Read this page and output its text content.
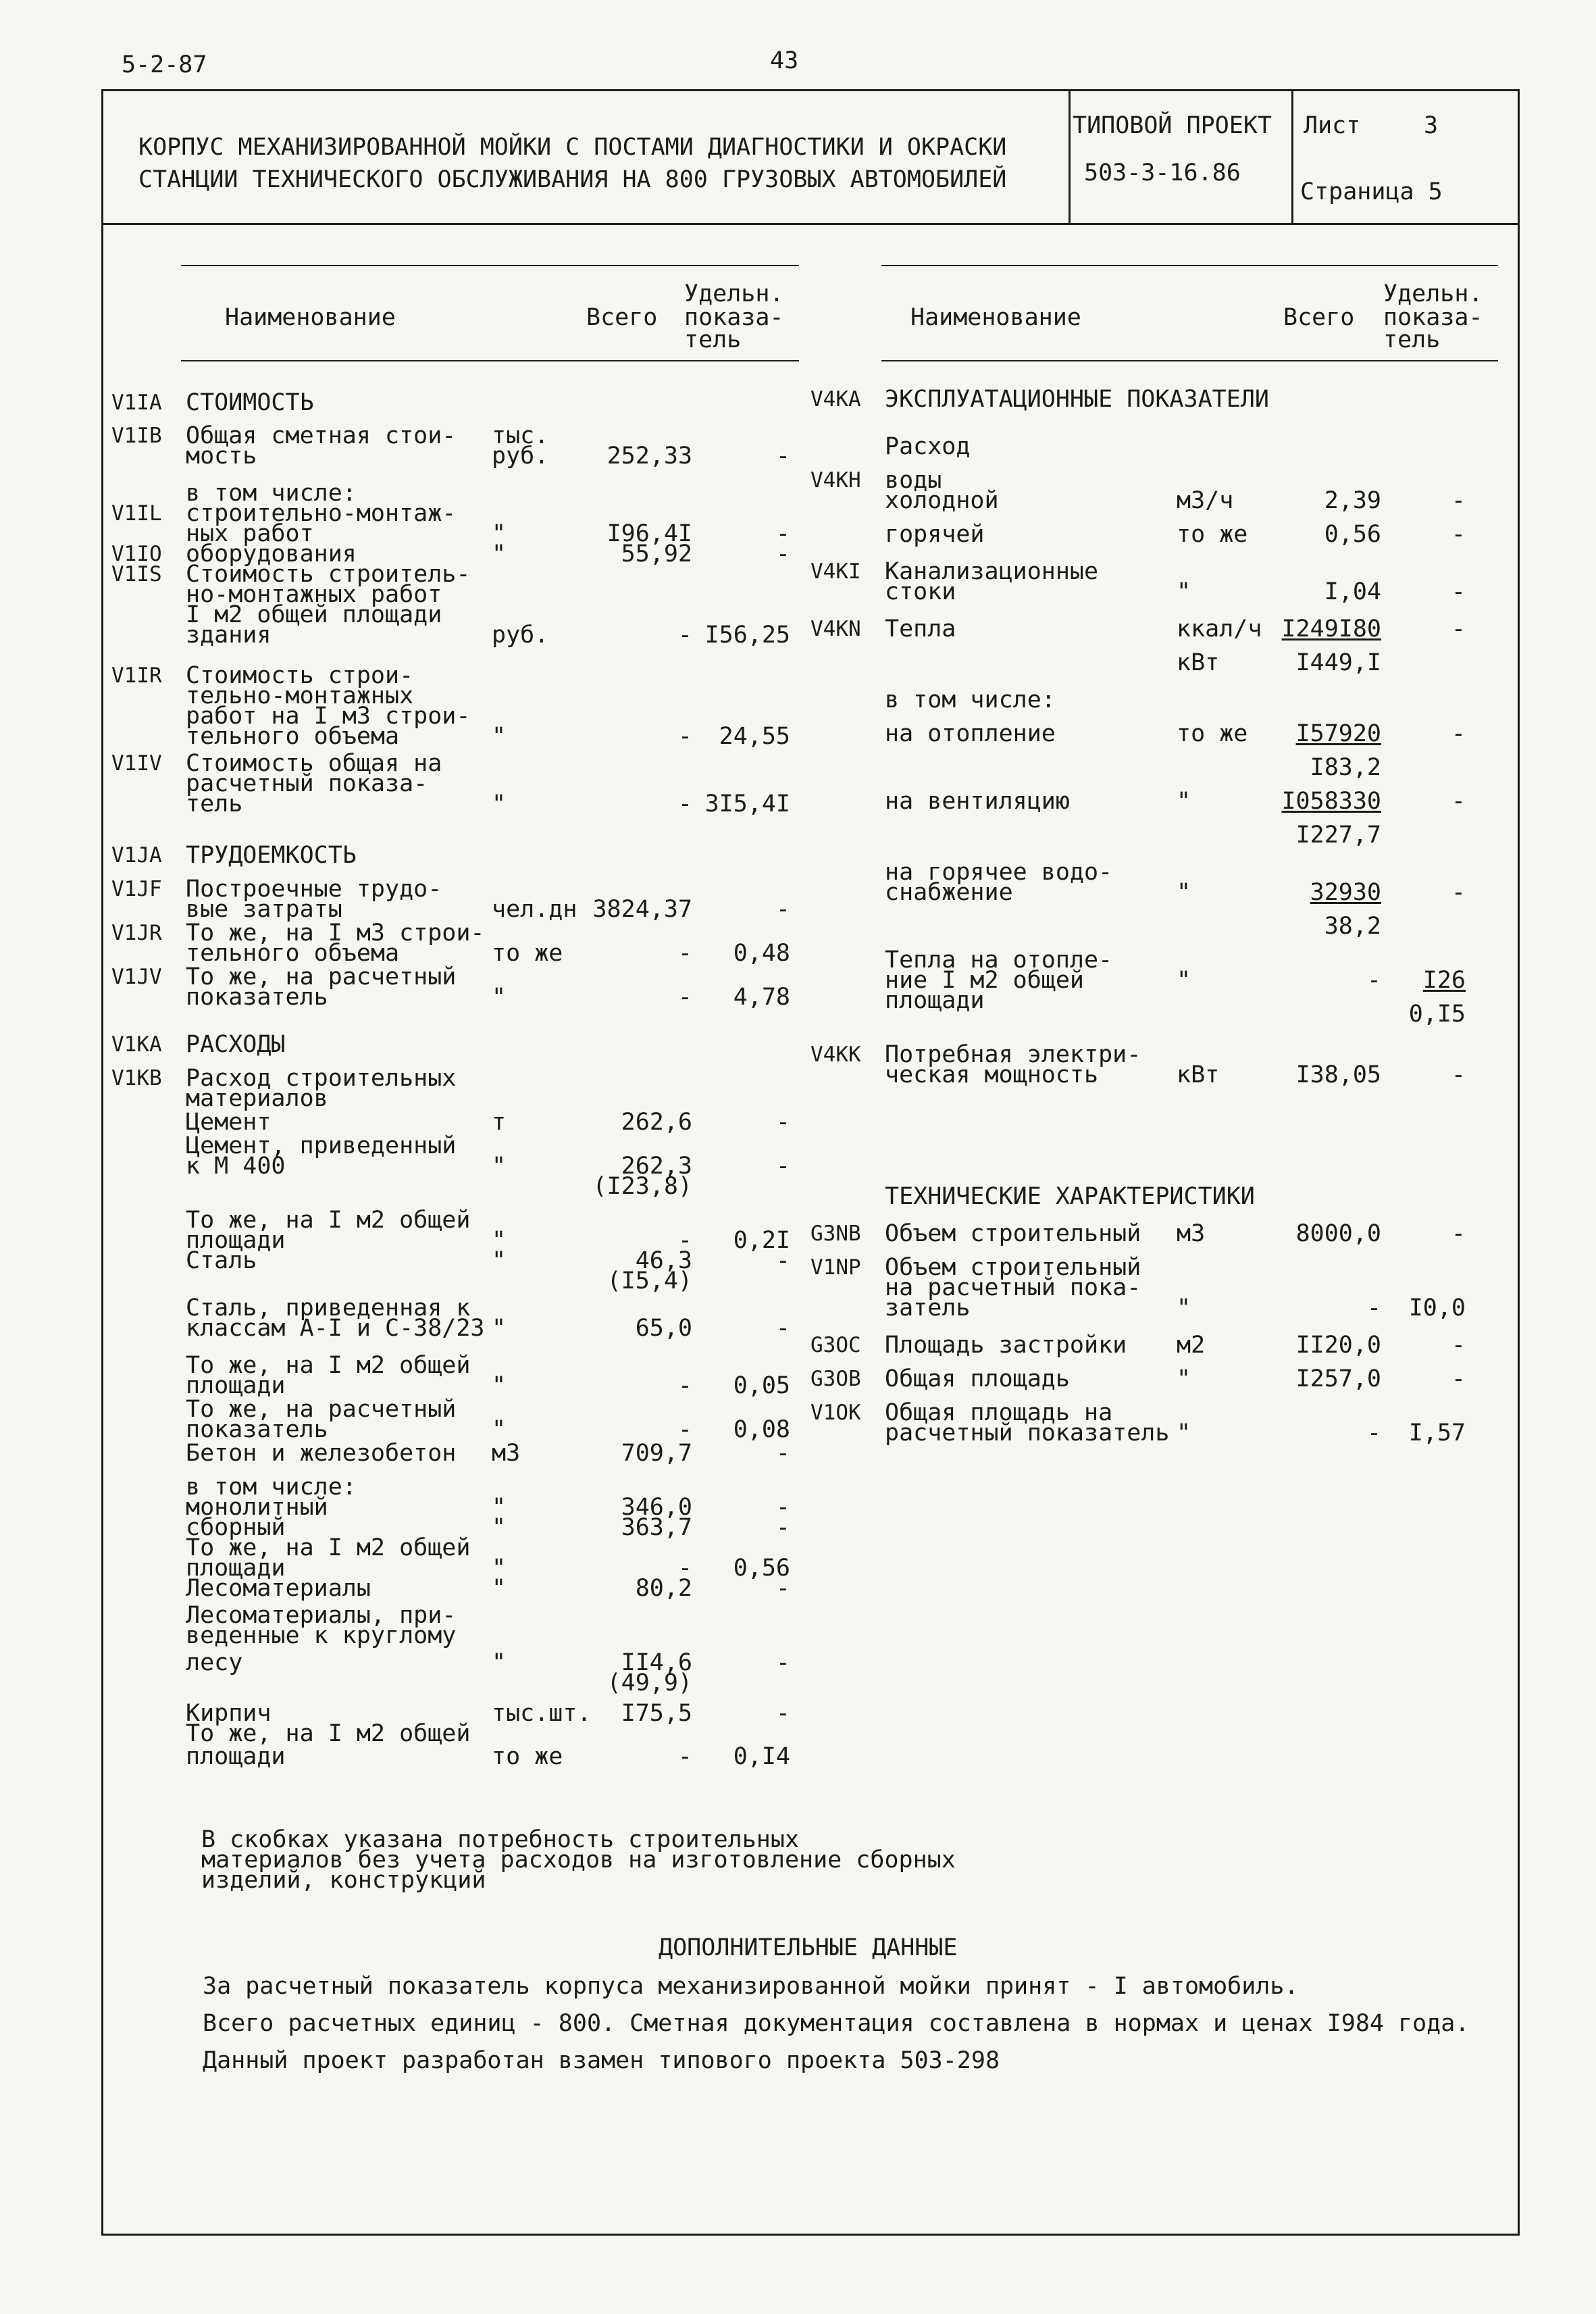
5-2-87	43
КОРПУС МЕХАНИЗИРОВАННОЙ МОЙКИ С ПОСТАМИ ДИАГНОСТИКИ И ОКРАСКИ
СТАНЦИИ ТЕХНИЧЕСКОГО ОБСЛУЖИВАНИЯ НА 800 ГРУЗОВЫХ АВТОМОБИЛЕЙ
ТИПОВОЙ ПРОЕКТ
503-3-16.86
Лист	3
Страница 5
Наименование	Всего
Удельн.
показа-
тель
Наименование	Всего
Удельн.
показа-
тель
V1IA СТОИМОСТЬ
V1IB Общая сметная стои- тыс.
мость	руб. 252,33	-
в том числе:
V1IL строительно-монтаж-
ных работ	"	I96,4I	-
V1IO оборудования	"	55,92	-
V1IS Стоимость строитель-
но-монтажных работ
I м2 общей площади
здания	руб.	- I56,25
V1IR Стоимость строи-
тельно-монтажных
работ на I м3 строи-
тельного объема	"	- 24,55
V1IV Стоимость общая на
расчетный показа-
тель	"	- 3I5,4I
V1JA ТРУДОЕМКОСТЬ
V1JF Построечные трудо-
вые затраты	чел.дн 3824,37	-
V1JR То же, на I м3 строи-
тельного объема	то же	- 0,48
V1JV То же, на расчетный
показатель	"	- 4,78
V1KA РАСХОДЫ
V1KB Расход строительных
материалов
Цемент	т	262,6	-
Цемент, приведенный
к М 400	"	262,3	-
(I23,8)
То же, на I м2 общей
площади	"	- 0,2I
Сталь	"	46,3	-
(I5,4)
Сталь, приведенная к
классам А-I и С-38/23 "	65,0	-
То же, на I м2 общей
площади	"	- 0,05
То же, на расчетный
показатель	"	- 0,08
Бетон и железобетон м3	709,7	-
в том числе:
монолитный	"	346,0	-
сборный	"	363,7	-
То же, на I м2 общей
площади	"	- 0,56
Лесоматериалы	"	80,2	-
Лесоматериалы, при-
веденные к круглому
лесу	"	II4,6	-
(49,9)
Кирпич	тыс.шт. I75,5	-
То же, на I м2 общей
площади	то же	- 0,I4
V4KA ЭКСПЛУАТАЦИОННЫЕ ПОКАЗАТЕЛИ
Расход
V4KH воды
холодной	м3/ч	2,39	-
горячей	то же	0,56	-
V4KI Канализационные
стоки	"	I,04	-
V4KN Тепла	ккал/ч I249I80	-
кВт	I449,I
в том числе:
на отопление	то же I57920	-
I83,2
на вентиляцию	"	I058330	-
I227,7
на горячее водо-
снабжение	"	32930	-
38,2
Тепла на отопле-
ние I м2 общей	"	- I26
площади	0,I5
V4KK Потребная электри-
ческая мощность	кВт	I38,05	-
ТЕХНИЧЕСКИЕ ХАРАКТЕРИСТИКИ
G3NB Объем строительный м3	8000,0	-
V1NP Объем строительный
на расчетный пока-
затель	"	- I0,0
G3OC Площадь застройки м2	II20,0	-
G3OB Общая площадь	"	I257,0	-
V1OK Общая площадь на
расчетный показатель "	- I,57
В скобках указана потребность строительных
материалов без учета расходов на изготовление сборных
изделий, конструкций
ДОПОЛНИТЕЛЬНЫЕ ДАННЫЕ
За расчетный показатель корпуса механизированной мойки принят - I автомобиль.
Всего расчетных единиц - 800. Сметная документация составлена в нормах и ценах I984 года.
Данный проект разработан взамен типового проекта 503-298
